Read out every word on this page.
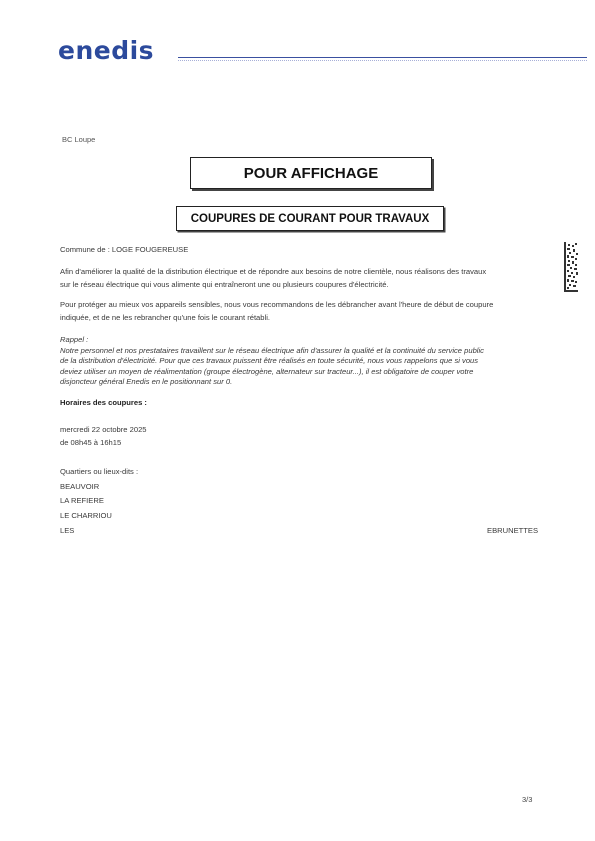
enedis
BC Loupe
POUR AFFICHAGE
COUPURES DE COURANT POUR TRAVAUX
Commune de : LOGE FOUGEREUSE
Afin d'améliorer la qualité de la distribution électrique et de répondre aux besoins de notre clientèle, nous réalisons des travaux
sur le réseau électrique qui vous alimente qui entraîneront une ou plusieurs coupures d'électricité.
Pour protéger au mieux vos appareils sensibles, nous vous recommandons de les débrancher avant l'heure de début de coupure
indiquée, et de ne les rebrancher qu'une fois le courant rétabli.
Rappel :
Notre personnel et nos prestataires travaillent sur le réseau électrique afin d'assurer la qualité et la continuité du service public
de la distribution d'électricité. Pour que ces travaux puissent être réalisés en toute sécurité, nous vous rappelons que si vous
deviez utiliser un moyen de réalimentation (groupe électrogène, alternateur sur tracteur...), il est obligatoire de couper votre
disjoncteur général Enedis en le positionnant sur 0.
Horaires des coupures :
mercredi 22 octobre 2025
de 08h45 à 16h15
Quartiers ou lieux-dits :
BEAUVOIR
LA REFIERE
LE CHARRIOU
LES	EBRUNETTES
3/3
